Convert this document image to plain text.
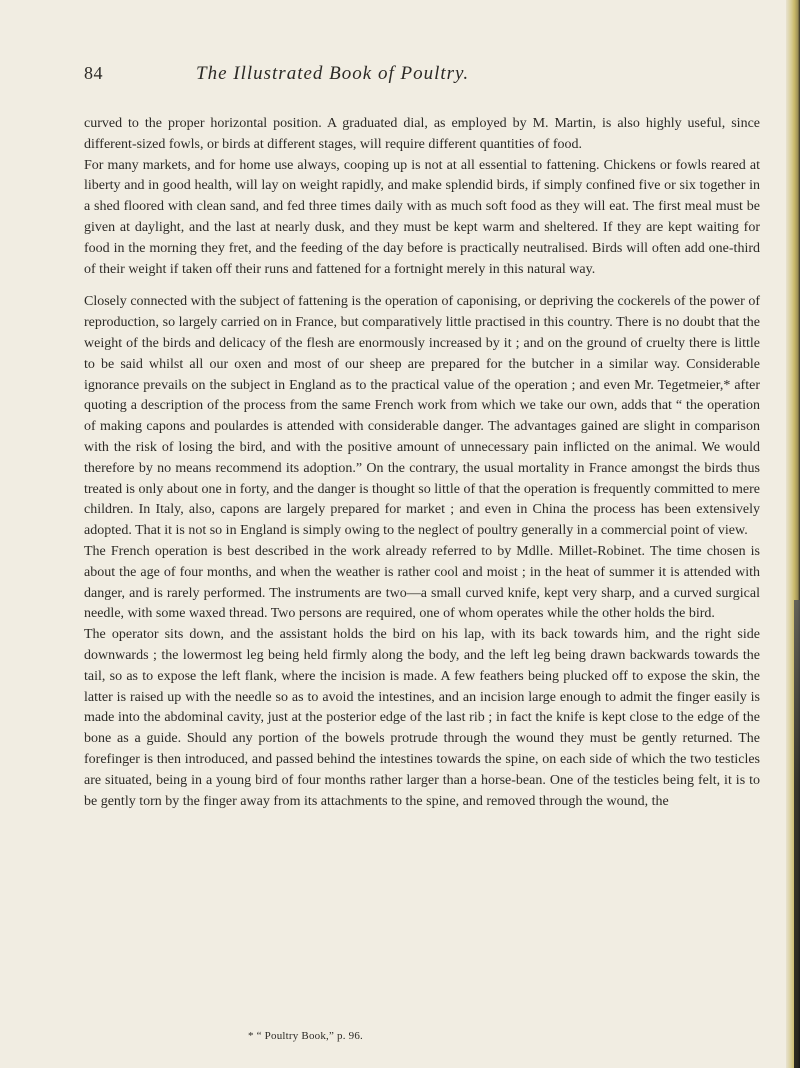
84	The Illustrated Book of Poultry.

curved to the proper horizontal position. A graduated dial, as employed by M. Martin, is also highly useful, since different-sized fowls, or birds at different stages, will require different quantities of food.

For many markets, and for home use always, cooping up is not at all essential to fattening. Chickens or fowls reared at liberty and in good health, will lay on weight rapidly, and make splendid birds, if simply confined five or six together in a shed floored with clean sand, and fed three times daily with as much soft food as they will eat. The first meal must be given at daylight, and the last at nearly dusk, and they must be kept warm and sheltered. If they are kept waiting for food in the morning they fret, and the feeding of the day before is practically neutralised. Birds will often add one-third of their weight if taken off their runs and fattened for a fortnight merely in this natural way.

Closely connected with the subject of fattening is the operation of caponising, or depriving the cockerels of the power of reproduction, so largely carried on in France, but comparatively little practised in this country. There is no doubt that the weight of the birds and delicacy of the flesh are enormously increased by it ; and on the ground of cruelty there is little to be said whilst all our oxen and most of our sheep are prepared for the butcher in a similar way. Considerable ignorance prevails on the subject in England as to the practical value of the operation ; and even Mr. Tegetmeier,* after quoting a description of the process from the same French work from which we take our own, adds that “ the operation of making capons and poulardes is attended with considerable danger. The advantages gained are slight in comparison with the risk of losing the bird, and with the positive amount of unnecessary pain inflicted on the animal. We would therefore by no means recommend its adoption.” On the contrary, the usual mortality in France amongst the birds thus treated is only about one in forty, and the danger is thought so little of that the operation is frequently committed to mere children. In Italy, also, capons are largely prepared for market ; and even in China the process has been extensively adopted. That it is not so in England is simply owing to the neglect of poultry generally in a commercial point of view.

The French operation is best described in the work already referred to by Mdlle. Millet-Robinet. The time chosen is about the age of four months, and when the weather is rather cool and moist ; in the heat of summer it is attended with danger, and is rarely performed. The instruments are two—a small curved knife, kept very sharp, and a curved surgical needle, with some waxed thread. Two persons are required, one of whom operates while the other holds the bird.

The operator sits down, and the assistant holds the bird on his lap, with its back towards him, and the right side downwards ; the lowermost leg being held firmly along the body, and the left leg being drawn backwards towards the tail, so as to expose the left flank, where the incision is made. A few feathers being plucked off to expose the skin, the latter is raised up with the needle so as to avoid the intestines, and an incision large enough to admit the finger easily is made into the abdominal cavity, just at the posterior edge of the last rib ; in fact the knife is kept close to the edge of the bone as a guide. Should any portion of the bowels protrude through the wound they must be gently returned. The forefinger is then introduced, and passed behind the intestines towards the spine, on each side of which the two testicles are situated, being in a young bird of four months rather larger than a horse-bean. One of the testicles being felt, it is to be gently torn by the finger away from its attachments to the spine, and removed through the wound, the

* “ Poultry Book,” p. 96.
